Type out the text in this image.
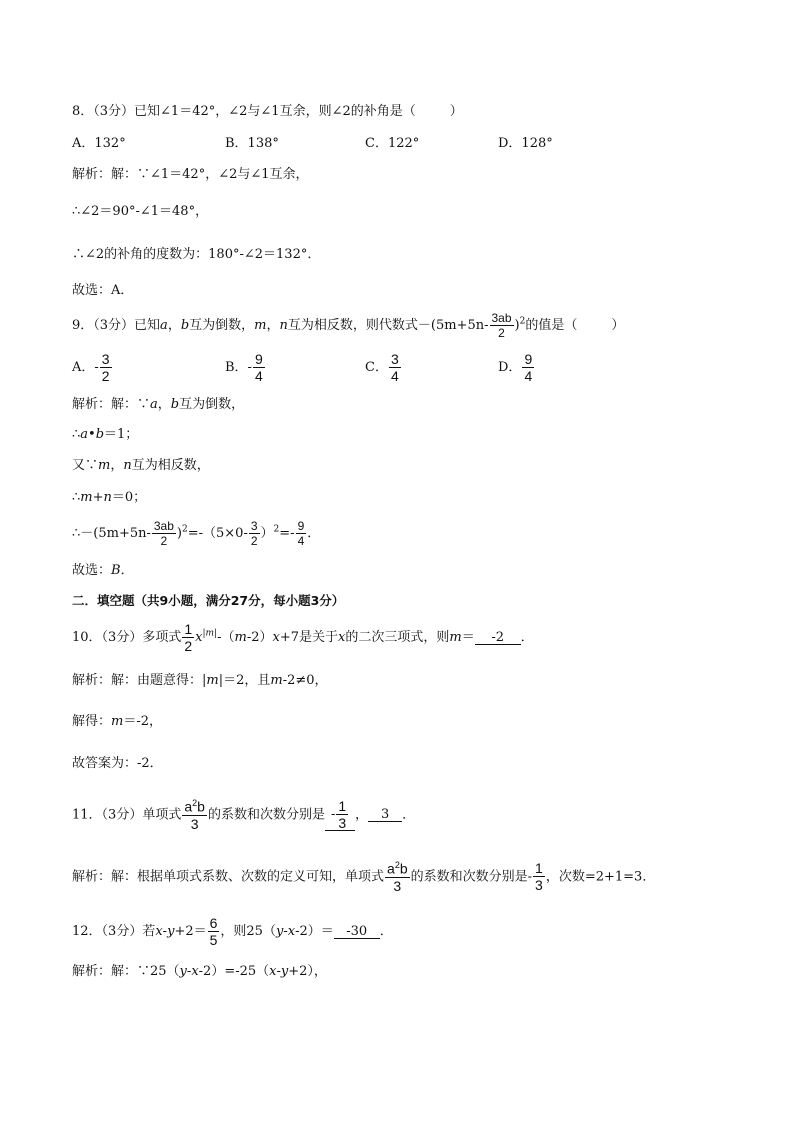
8．（3分）已知∠1＝42°，∠2与∠1互余，则∠2的补角是（	）
A．132°	B．138°	C．122°	D．128°
解析：解：∵∠1＝42°，∠2与∠1互余，
∴∠2＝90°-∠1＝48°，
∴∠2的补角的度数为：180°-∠2＝132°．
故选：A．
9．（3分）已知a，b互为倒数，m，n互为相反数，则代数式$-(5m+5n- \frac{3ab}{2} )^2$的值是（	）
A．- $\frac{3}{2}$	B．- $\frac{9}{4}$	C． $\frac{3}{4}$	D． $\frac{9}{4}$
解析：解：∵a，b互为倒数，
∴a•b＝1；
又∵m，n互为相反数，
∴m+n＝0；
∴－(5m+5n- $\frac{3ab}{2} )^2=-(5\times 0- \frac{3}{2} )^2=- \frac{9}{4}$ ．
故选：B．
二．填空题（共9小题，满分27分，每小题3分）
10．（3分）多项式 $\frac{1}{2} x^{|m|}-(m-2)x+7$是关于x的二次三项式，则m＝ -2 ．
解析：解：由题意得：|m|＝2，且m-2≠0，
解得：m＝-2，
故答案为：-2．
11．（3分）单项式 $\frac{a^2b}{3}$ 的系数和次数分别是 - $\frac{1}{3}$ ， 3 ．
解析：解：根据单项式系数、次数的定义可知，单项式 $\frac{a^2b}{3}$ 的系数和次数分别是- $\frac{1}{3}$ ，次数=2+1=3．
12．（3分）若$x-y+2= \frac{6}{5}$ ，则25（y-x-2）＝ -30 ．
解析：解：∵25（y-x-2）=-25（x-y+2），
